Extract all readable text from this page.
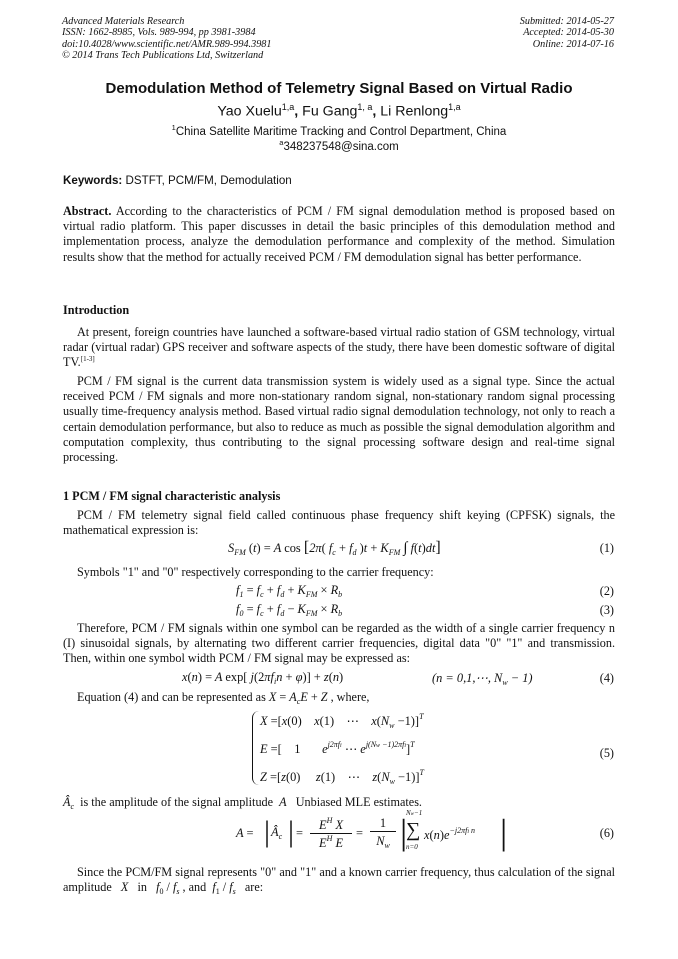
Advanced Materials Research
ISSN: 1662-8985, Vols. 989-994, pp 3981-3984
doi:10.4028/www.scientific.net/AMR.989-994.3981
© 2014 Trans Tech Publications Ltd, Switzerland
Submitted: 2014-05-27
Accepted: 2014-05-30
Online: 2014-07-16
Demodulation Method of Telemetry Signal Based on Virtual Radio
Yao Xuelu$^{1,a}$, Fu Gang$^{1, a}$, Li Renlong$^{1,a}$
$^1$China Satellite Maritime Tracking and Control Department, China
$^a$348237548@sina.com
Keywords: DSTFT, PCM/FM, Demodulation

Abstract. According to the characteristics of PCM / FM signal demodulation method is proposed based on virtual radio platform. This paper discusses in detail the basic principles of this demodulation method and implementation process, analyze the demodulation performance and complexity of the method. Simulation results show that the method for actually received PCM / FM demodulation signal has better performance.

Introduction

At present, foreign countries have launched a software-based virtual radio station of GSM technology, virtual radar (virtual radar) GPS receiver and software aspects of the study, there have been domestic software of digital TV.[1-3]

PCM / FM signal is the current data transmission system is widely used as a signal type. Since the actual received PCM / FM signals and more non-stationary random signal, non-stationary random signal processing usually time-frequency analysis method. Based virtual radio signal demodulation technology, not only to reach a certain demodulation performance, but also to reduce as much as possible the signal demodulation algorithm and computation complexity, thus contributing to the signal processing software design and real-time signal processing.

1 PCM / FM signal characteristic analysis

PCM / FM telemetry signal field called continuous phase frequency shift keying (CPFSK) signals, the mathematical expression is:

$S_{FM}$ (t) = A cos [2π( $f_c + f_d$ )$t + K_{FM}$ ∫ f(t)dt]	(1)

Symbols "1" and "0" respectively corresponding to the carrier frequency:

$f_1 = f_c + f_d + K_{FM} \times R_b$	(2)
$f_0 = f_c + f_d - K_{FM} \times R_b$	(3)

Therefore, PCM / FM signals within one symbol can be regarded as the width of a single carrier frequency n (I) sinusoidal signals, by alternating two different carrier frequencies, digital data "0" "1" and transmission. Then, within one symbol width PCM / FM signal may be expressed as:

x(n) = A exp[ $j(2\pi f_in + \varphi)] + z(n)$	(n = 0,1,⋯, $N_w - 1$)	(4)

Equation (4) and can be represented as $X = A_cE + Z$ , where,

X =[x(0)    x(1) ⋯    $x(N_w -1)]^T$
E =[ 1       $e^{j2\pi fi}$ ⋯ $e^{j(Nw -1)2\pi fi}]^T$
Z =[z(0)     z(1) ⋯    $z(N_w -1)]^T$
(5)

$Â_c$ is the amplitude of the signal amplitude A Unbiased MLE estimates.

A = | $Â_c$ | =
$E^H$ X
$E^H$ E
=
1
$N_w$ |
Nw−1
∑
n=0
$x(n)e^{-j2\pi fi n}$ |	(6)

Since the PCM/FM signal represents "0" and "1" and a known carrier frequency, thus calculation of the signal amplitude X in $f_0 / f_s$ , and $f_1 / f_s$ are:
